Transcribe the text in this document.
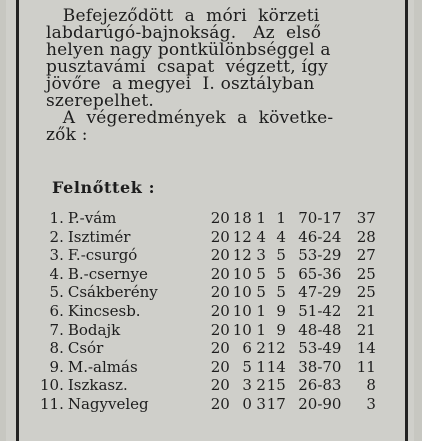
Befejeződött  a  móri  körzeti

labdarúgó-bajnokság.   Az  első

helyen nagy pontkülönbséggel a

pusztavámi  csapat  végzett, így

jövőre  a megyei  I. osztályban

szerepelhet.

A  végeredmények  a  követke-

zők :

Felnőttek :
1.	P.-vám	20	18	1	1	70-17	37
2.	Isztimér	20	12	4	4	46-24	28
3.	F.-csurgó	20	12	3	5	53-29	27
4.	B.-csernye	20	10	5	5	65-36	25
5.	Csákberény	20	10	5	5	47-29	25
6.	Kincsesb.	20	10	1	9	51-42	21
7.	Bodajk	20	10	1	9	48-48	21
8.	Csór	20	6	2	12	53-49	14
9.	M.-almás	20	5	1	14	38-70	11
10.	Iszkasz.	20	3	2	15	26-83	8
11.	Nagyveleg	20	0	3	17	20-90	3
